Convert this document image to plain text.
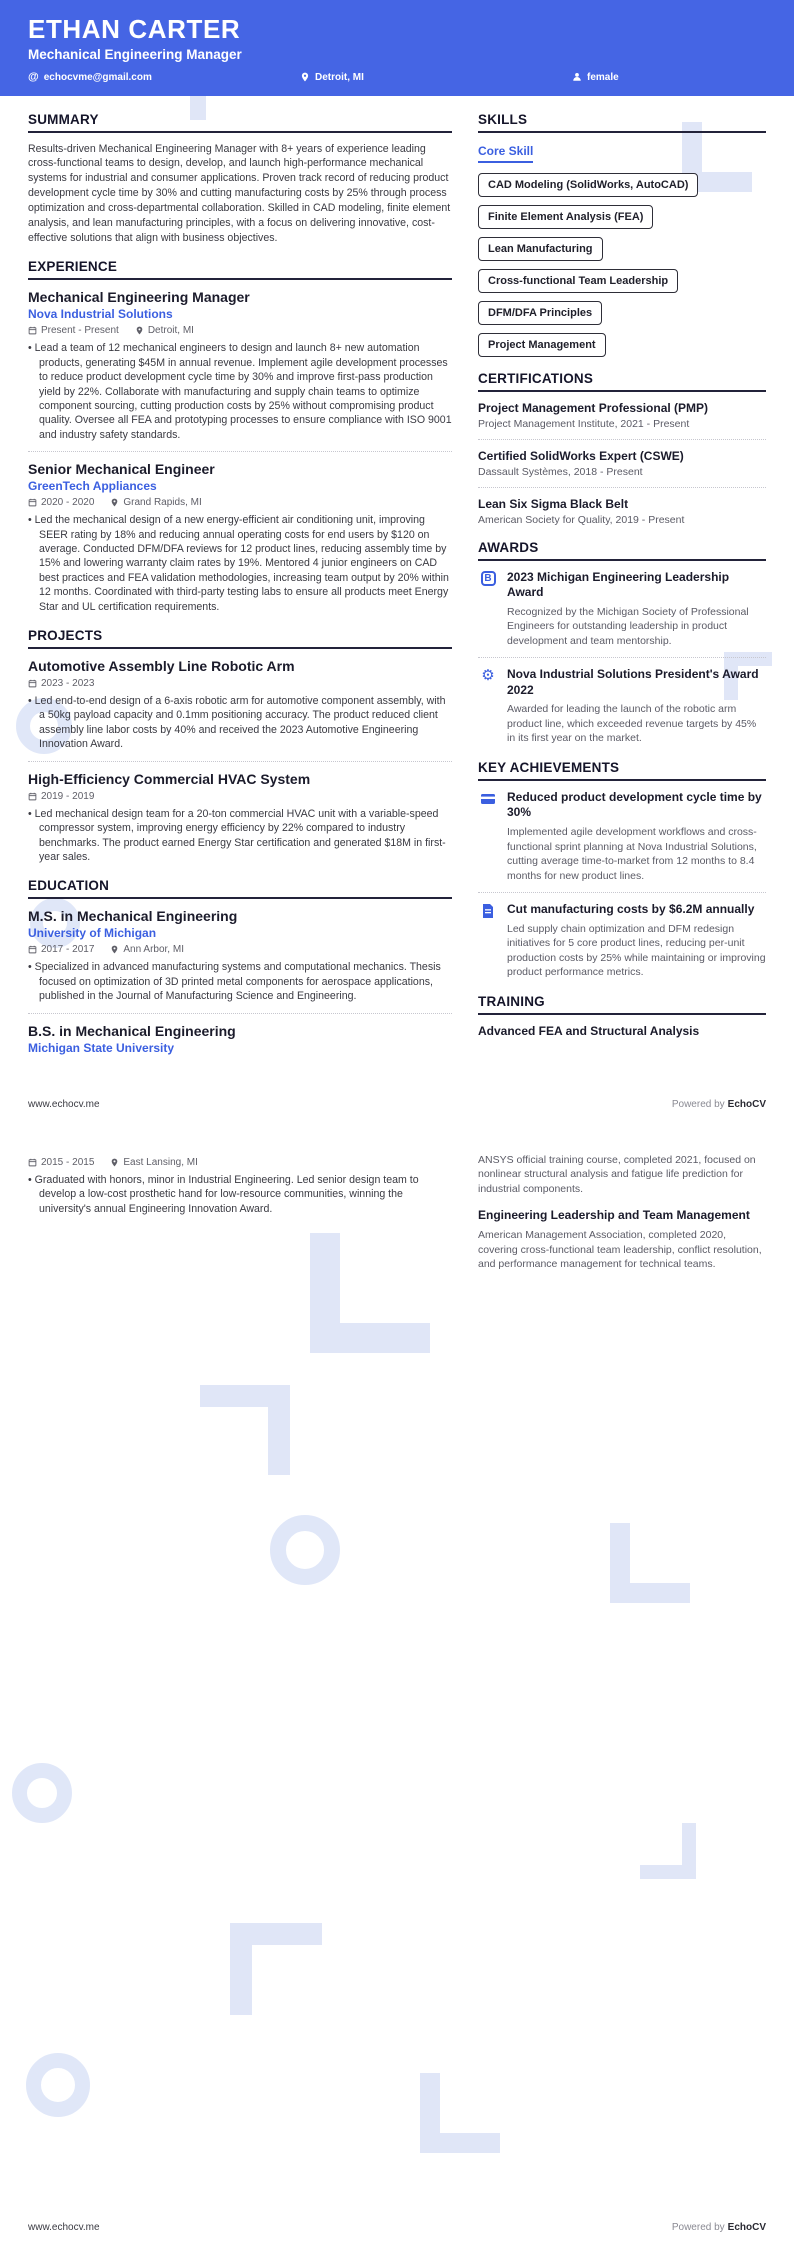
ETHAN CARTER
Mechanical Engineering Manager
@ echocvme@gmail.com	Detroit, MI	female
SUMMARY
Results-driven Mechanical Engineering Manager with 8+ years of experience leading cross-functional teams to design, develop, and launch high-performance mechanical systems for industrial and consumer applications. Proven track record of reducing product development cycle time by 30% and cutting manufacturing costs by 25% through process optimization and cross-departmental collaboration. Skilled in CAD modeling, finite element analysis, and lean manufacturing principles, with a focus on delivering innovative, cost-effective solutions that align with business objectives.
EXPERIENCE
Mechanical Engineering Manager
Nova Industrial Solutions
Present - Present	Detroit, MI
• Lead a team of 12 mechanical engineers to design and launch 8+ new automation products, generating $45M in annual revenue. Implement agile development processes to reduce product development cycle time by 30% and improve first-pass production yield by 22%. Collaborate with manufacturing and supply chain teams to optimize component sourcing, cutting production costs by 25% without compromising product quality. Oversee all FEA and prototyping processes to ensure compliance with ISO 9001 and industry safety standards.
Senior Mechanical Engineer
GreenTech Appliances
2020 - 2020	Grand Rapids, MI
• Led the mechanical design of a new energy-efficient air conditioning unit, improving SEER rating by 18% and reducing annual operating costs for end users by $120 on average. Conducted DFM/DFA reviews for 12 product lines, reducing assembly time by 15% and lowering warranty claim rates by 19%. Mentored 4 junior engineers on CAD best practices and FEA validation methodologies, increasing team output by 20% within 12 months. Coordinated with third-party testing labs to ensure all products meet Energy Star and UL certification requirements.
PROJECTS
Automotive Assembly Line Robotic Arm
2023 - 2023
• Led end-to-end design of a 6-axis robotic arm for automotive component assembly, with a 50kg payload capacity and 0.1mm positioning accuracy. The product reduced client assembly line labor costs by 40% and received the 2023 Automotive Engineering Innovation Award.
High-Efficiency Commercial HVAC System
2019 - 2019
• Led mechanical design team for a 20-ton commercial HVAC unit with a variable-speed compressor system, improving energy efficiency by 22% compared to industry benchmarks. The product earned Energy Star certification and generated $18M in first-year sales.
EDUCATION
M.S. in Mechanical Engineering
University of Michigan
2017 - 2017	Ann Arbor, MI
• Specialized in advanced manufacturing systems and computational mechanics. Thesis focused on optimization of 3D printed metal components for aerospace applications, published in the Journal of Manufacturing Science and Engineering.
B.S. in Mechanical Engineering
Michigan State University
SKILLS
Core Skill
CAD Modeling (SolidWorks, AutoCAD)
Finite Element Analysis (FEA)
Lean Manufacturing
Cross-functional Team Leadership
DFM/DFA Principles
Project Management
CERTIFICATIONS
Project Management Professional (PMP)
Project Management Institute, 2021 - Present
Certified SolidWorks Expert (CSWE)
Dassault Systèmes, 2018 - Present
Lean Six Sigma Black Belt
American Society for Quality, 2019 - Present
AWARDS
B	2023 Michigan Engineering Leadership Award
Recognized by the Michigan Society of Professional Engineers for outstanding leadership in product development and team mentorship.
⚙ Nova Industrial Solutions President's Award 2022
Awarded for leading the launch of the robotic arm product line, which exceeded revenue targets by 45% in its first year on the market.
KEY ACHIEVEMENTS
Reduced product development cycle time by 30%
Implemented agile development workflows and cross-functional sprint planning at Nova Industrial Solutions, cutting average time-to-market from 12 months to 8.4 months for new product lines.
Cut manufacturing costs by $6.2M annually
Led supply chain optimization and DFM redesign initiatives for 5 core product lines, reducing per-unit production costs by 25% while maintaining or improving product performance metrics.
TRAINING
Advanced FEA and Structural Analysis
www.echocv.me	Powered by EchoCV
2015 - 2015	East Lansing, MI
• Graduated with honors, minor in Industrial Engineering. Led senior design team to develop a low-cost prosthetic hand for low-resource communities, winning the university's annual Engineering Innovation Award.
ANSYS official training course, completed 2021, focused on nonlinear structural analysis and fatigue life prediction for industrial components.
Engineering Leadership and Team Management
American Management Association, completed 2020, covering cross-functional team leadership, conflict resolution, and performance management for technical teams.
www.echocv.me	Powered by EchoCV
